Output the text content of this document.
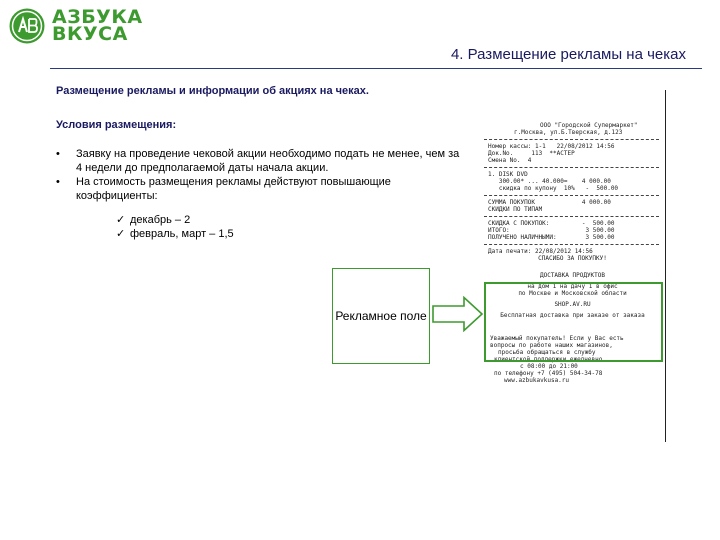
АЗБУКА
ВКУСА
4. Размещение рекламы на чеках
Размещение рекламы и информации об акциях на чеках.
Условия размещения:
• Заявку на проведение чековой акции необходимо подать не менее, чем за 4 недели до предполагаемой даты начала акции.
• На стоимость размещения рекламы действуют повышающие коэффициенты:
✓ декабрь – 2
✓ февраль, март – 1,5
Рекламное поле
ООО "Городской Супермаркет"
г.Москва, ул.Б.Тверская, д.123
Номер кассы: 1-1   22/08/2012 14:56
Док.No.     113  **АСТЕР
Смена No.  4
1. DISK DVD
300.00* ... 40.000=    4 000.00
скидка по купону  10%   -  500.00
СУММА ПОКУПОК             4 000.00
СКИДКИ ПО ТИПАМ
СКИДКА С ПОКУПОК:         -  500.00
ИТОГО:                     3 500.00
ПОЛУЧЕНО НАЛИЧНЫМИ:        3 500.00
Дата печати: 22/08/2012 14:56
СПАСИБО ЗА ПОКУПКУ!
ДОСТАВКА ПРОДУКТОВ
на дом 1 на дачу 1 в офис
по Москве и Московской области
SHOP.AV.RU
Бесплатная доставка при заказе от заказа
Уважаемый покупатель! Если у Вас есть
вопросы по работе наших магазинов,
просьба обращаться в службу
клиентской поддержки ежедневно
с 08:00 до 21:00
по телефону +7 (495) 504-34-78
www.azbukavkusa.ru
